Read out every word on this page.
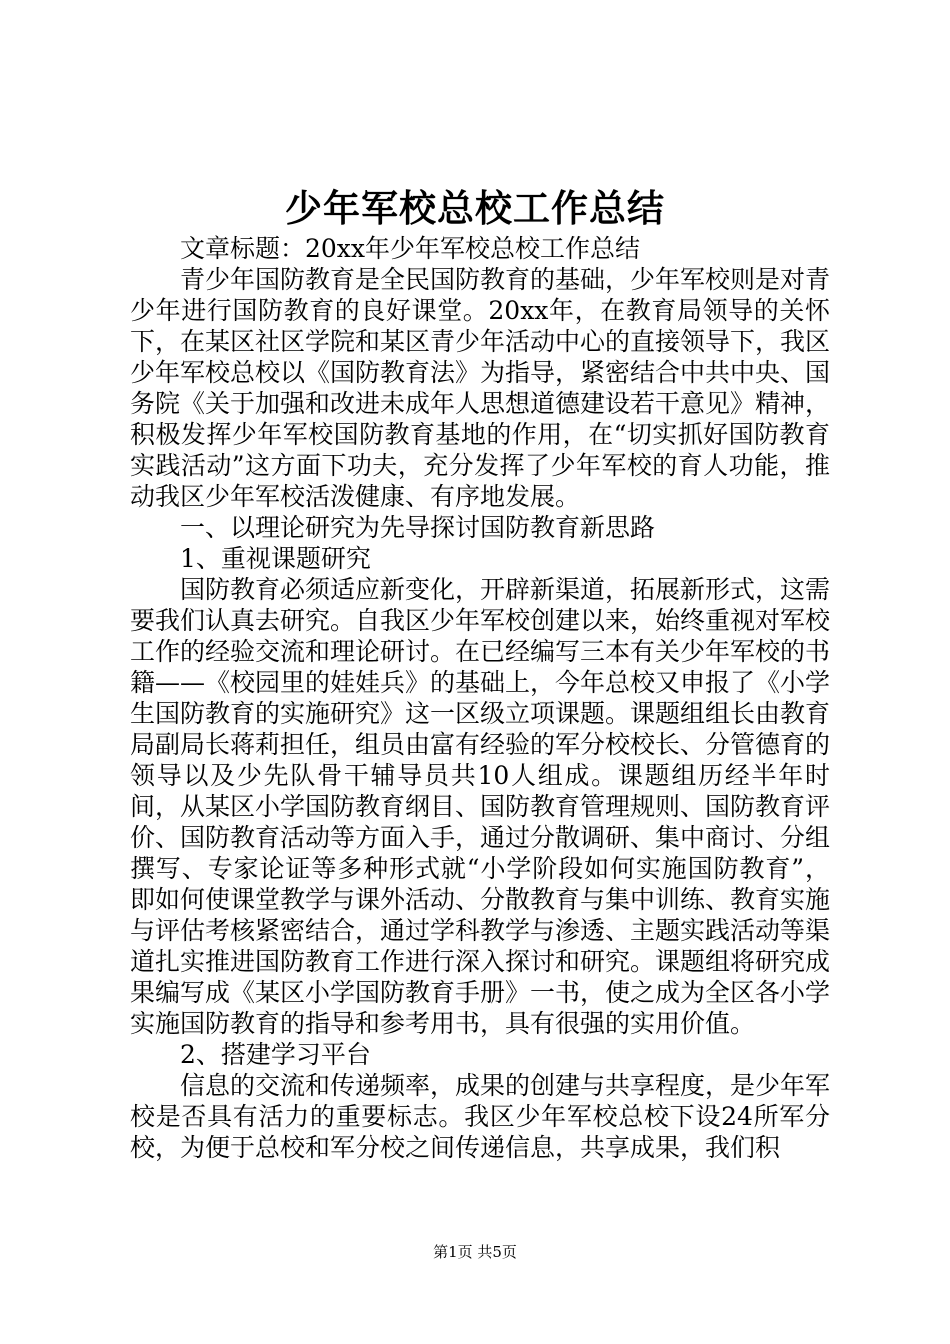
少年军校总校工作总结

文章标题：20xx年少年军校总校工作总结

青少年国防教育是全民国防教育的基础，少年军校则是对青少年进行国防教育的良好课堂。20xx年，在教育局领导的关怀下，在某区社区学院和某区青少年活动中心的直接领导下，我区少年军校总校以《国防教育法》为指导，紧密结合中共中央、国务院《关于加强和改进未成年人思想道德建设若干意见》精神，积极发挥少年军校国防教育基地的作用，在“切实抓好国防教育实践活动”这方面下功夫，充分发挥了少年军校的育人功能，推动我区少年军校活泼健康、有序地发展。

一、以理论研究为先导探讨国防教育新思路

1、重视课题研究

国防教育必须适应新变化，开辟新渠道，拓展新形式，这需要我们认真去研究。自我区少年军校创建以来，始终重视对军校工作的经验交流和理论研讨。在已经编写三本有关少年军校的书籍——《校园里的娃娃兵》的基础上，今年总校又申报了《小学生国防教育的实施研究》这一区级立项课题。课题组组长由教育局副局长蒋莉担任，组员由富有经验的军分校校长、分管德育的领导以及少先队骨干辅导员共10人组成。课题组历经半年时间，从某区小学国防教育纲目、国防教育管理规则、国防教育评价、国防教育活动等方面入手，通过分散调研、集中商讨、分组撰写、专家论证等多种形式就“小学阶段如何实施国防教育”，即如何使课堂教学与课外活动、分散教育与集中训练、教育实施与评估考核紧密结合，通过学科教学与渗透、主题实践活动等渠道扎实推进国防教育工作进行深入探讨和研究。课题组将研究成果编写成《某区小学国防教育手册》一书，使之成为全区各小学实施国防教育的指导和参考用书，具有很强的实用价值。

2、搭建学习平台

信息的交流和传递频率，成果的创建与共享程度，是少年军校是否具有活力的重要标志。我区少年军校总校下设24所军分校，为便于总校和军分校之间传递信息，共享成果，我们积

第1页 共5页
